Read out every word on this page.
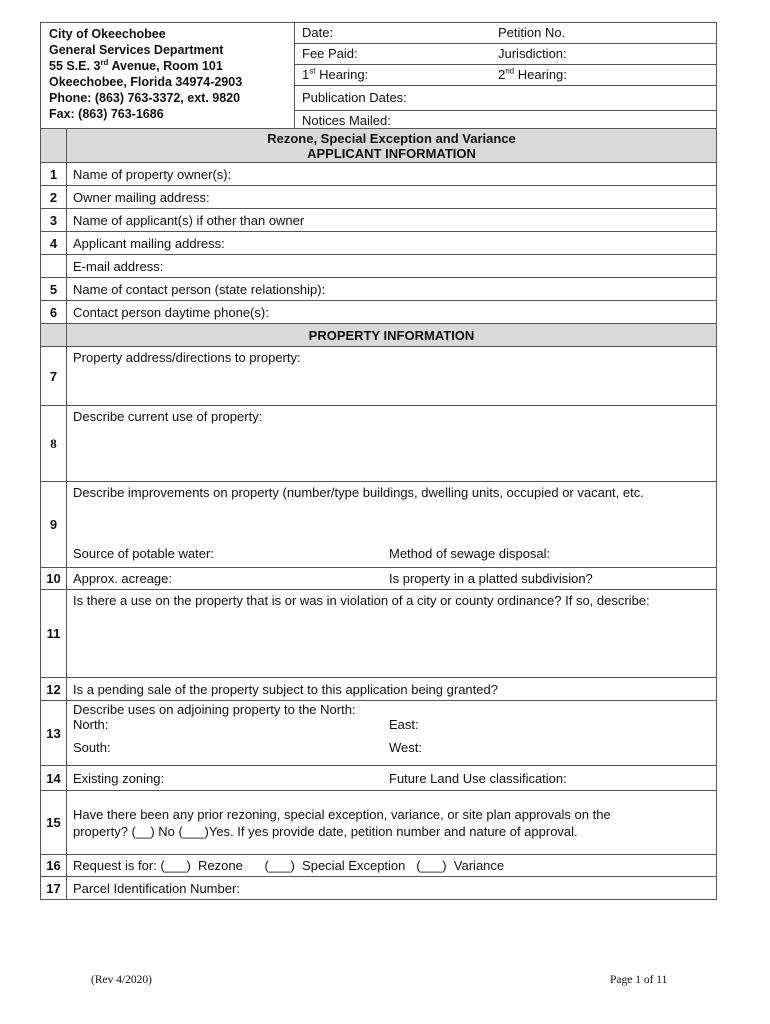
City of Okeechobee
General Services Department
55 S.E. 3rd Avenue, Room 101
Okeechobee, Florida 34974-2903
Phone: (863) 763-3372, ext. 9820
Fax: (863) 763-1686
Date:	Petition No.
Fee Paid:	Jurisdiction:
1st Hearing:	2nd Hearing:
Publication Dates:
Notices Mailed:

	Rezone, Special Exception and Variance
APPLICANT INFORMATION

1	Name of property owner(s):
2	Owner mailing address:
3	Name of applicant(s) if other than owner
4	Applicant mailing address:
	E-mail address:
5	Name of contact person (state relationship):
6	Contact person daytime phone(s):
	PROPERTY INFORMATION
7	Property address/directions to property:
8	Describe current use of property:
9	Describe improvements on property (number/type buildings, dwelling units, occupied or vacant, etc.
Source of potable water: Method of sewage disposal:

10	Approx. acreage: Is property in a platted subdivision?

11	Is there a use on the property that is or was in violation of a city or county ordinance? If so, describe:
12	Is a pending sale of the property subject to this application being granted?
13	Describe uses on adjoining property to the North:
North: East:
South: West:

14	Existing zoning: Future Land Use classification:

15	Have there been any prior rezoning, special exception, variance, or site plan approvals on the
property? (__) No (___)Yes. If yes provide date, petition number and nature of approval.

16	Request is for: (___)  Rezone      (___)  Special Exception   (___)  Variance
17	Parcel Identification Number:
(Rev 4/2020)	Page 1 of 11
